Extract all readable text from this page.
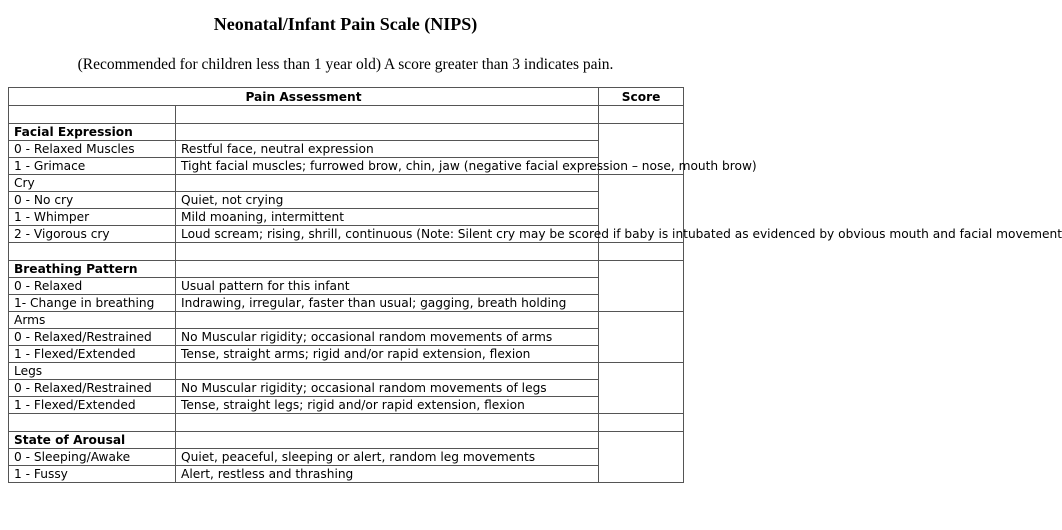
Neonatal/Infant Pain Scale (NIPS)
(Recommended for children less than 1 year old) A score greater than 3 indicates pain.
Pain Assessment		Score

Facial Expression		
0 - Relaxed Muscles	Restful face, neutral expression	
1 - Grimace	Tight facial muscles; furrowed brow, chin, jaw (negative facial expression – nose, mouth brow)	
Cry		
0 - No cry	Quiet, not crying	
1 - Whimper	Mild moaning, intermittent	
2 - Vigorous cry	Loud scream; rising, shrill, continuous (Note: Silent cry may be scored if baby is intubated as evidenced by obvious mouth and facial movement	

Breathing Pattern		
0 - Relaxed	Usual pattern for this infant	
1- Change in breathing	Indrawing, irregular, faster than usual; gagging, breath holding	
Arms		
0 - Relaxed/Restrained	No Muscular rigidity; occasional random movements of arms	
1 - Flexed/Extended	Tense, straight arms; rigid and/or rapid extension, flexion	
Legs		
0 - Relaxed/Restrained	No Muscular rigidity; occasional random movements of legs	
1 - Flexed/Extended	Tense, straight legs; rigid and/or rapid extension, flexion	

State of Arousal		
0 - Sleeping/Awake	Quiet, peaceful, sleeping or alert, random leg movements	
1 - Fussy	Alert, restless and thrashing	
